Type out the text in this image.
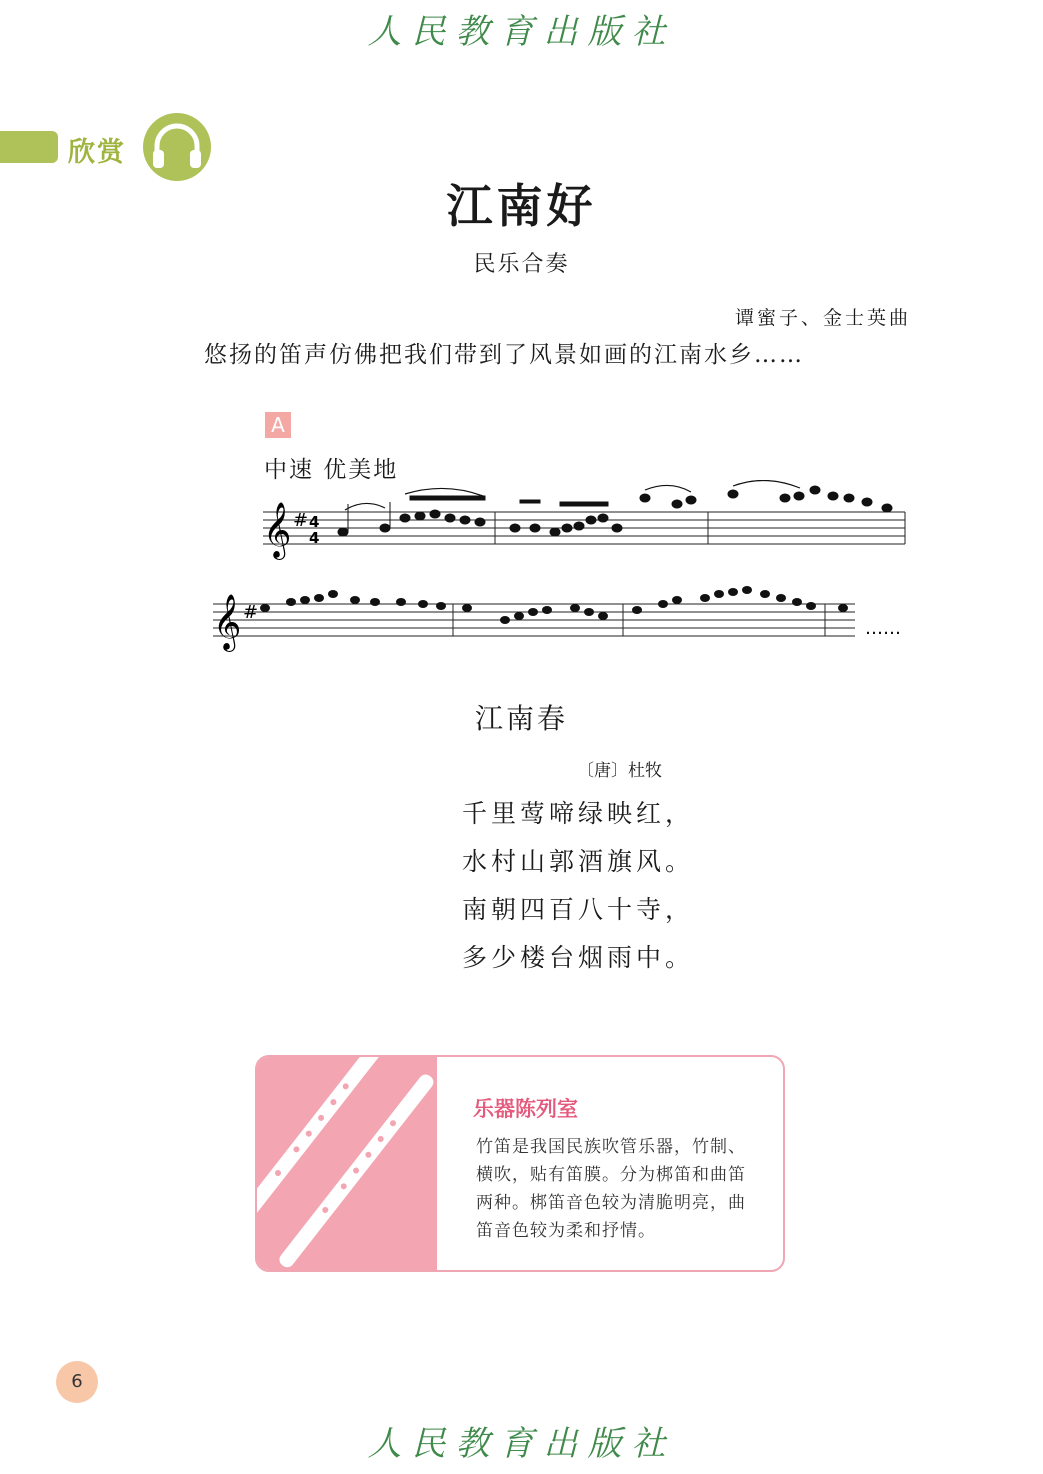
人民教育出版社
欣赏
江南好
民乐合奏
谭蜜子、金士英曲
悠扬的笛声仿佛把我们带到了风景如画的江南水乡……
A
中速 优美地
𝄞 # 4
4
𝄞 #
……
江南春
〔唐〕杜牧
千里莺啼绿映红，
水村山郭酒旗风。
南朝四百八十寺，
多少楼台烟雨中。
乐器陈列室
竹笛是我国民族吹管乐器，竹制、横吹，贴有笛膜。分为梆笛和曲笛两种。梆笛音色较为清脆明亮，曲笛音色较为柔和抒情。
6
人民教育出版社
